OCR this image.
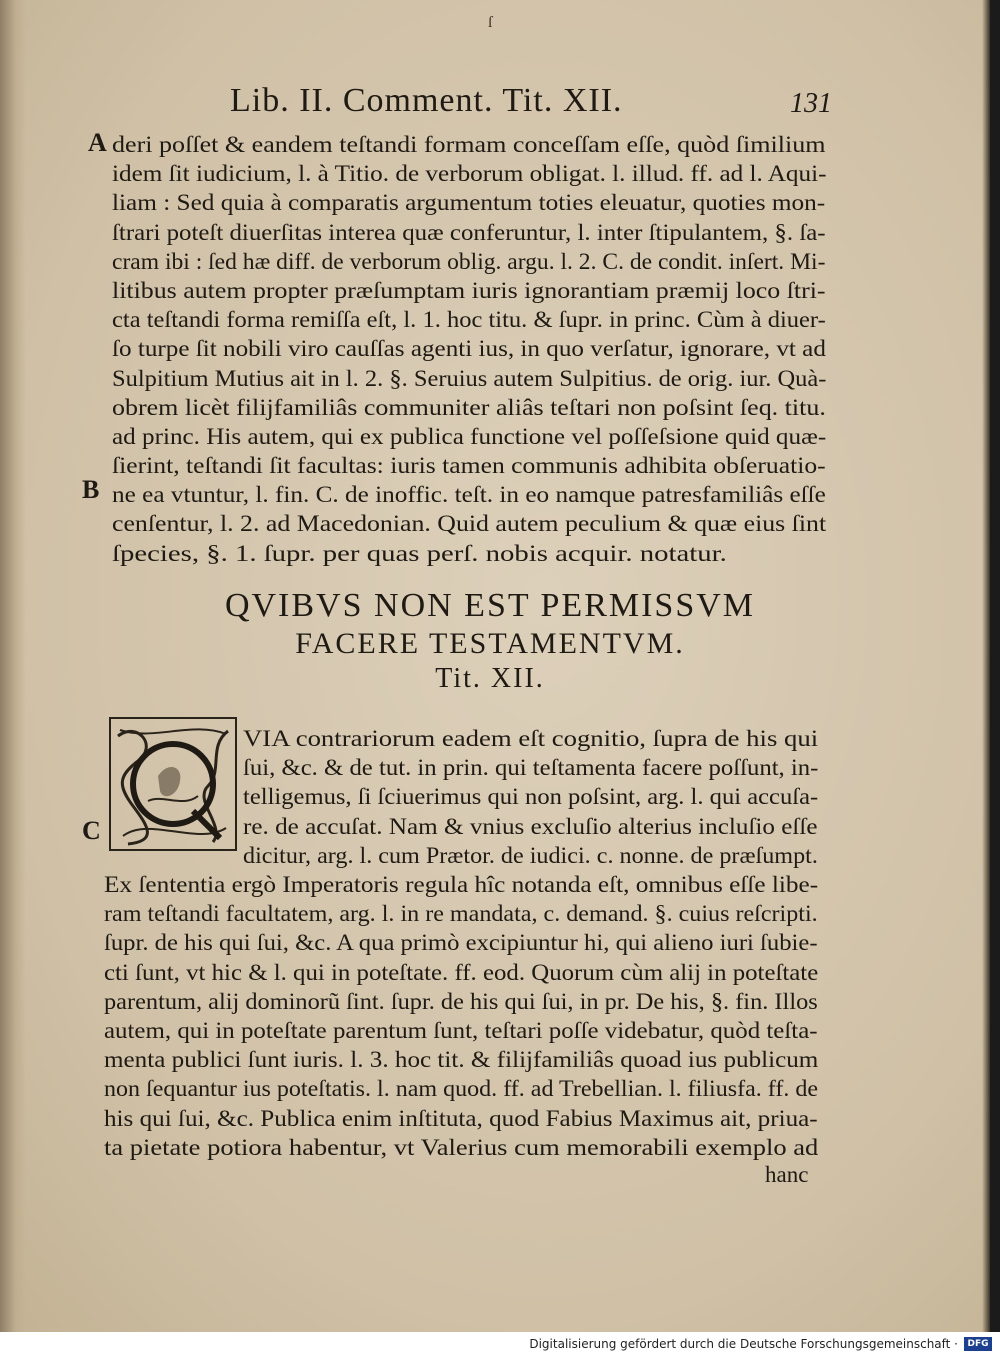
ſ
Lib. II. Comment. Tit. XII.	131
A
B
C
deri poſſet & eandem teſtandi formam conceſſam eſſe, quòd ſimilium
idem ſit iudicium, l. à Titio. de verborum obligat. l. illud. ff. ad l. Aqui-
liam : Sed quia à comparatis argumentum toties eleuatur, quoties mon-
ſtrari poteſt diuerſitas interea quæ conferuntur, l. inter ſtipulantem, §. ſa-
cram ibi : ſed hæ diff. de verborum oblig. argu. l. 2. C. de condit. inſert. Mi-
litibus autem propter præſumptam iuris ignorantiam præmij loco ſtri-
cta teſtandi forma remiſſa eſt, l. 1. hoc titu. & ſupr. in princ. Cùm à diuer-
ſo turpe ſit nobili viro cauſſas agenti ius, in quo verſatur, ignorare, vt ad
Sulpitium Mutius ait in l. 2. §. Seruius autem Sulpitius. de orig. iur. Quà-
obrem licèt filijfamiliâs communiter aliâs teſtari non poſsint ſeq. titu.
ad princ. His autem, qui ex publica functione vel poſſeſsione quid quæ-
ſierint, teſtandi ſit facultas: iuris tamen communis adhibita obſeruatio-
ne ea vtuntur, l. fin. C. de inoffic. teſt. in eo namque patresfamiliâs eſſe
cenſentur, l. 2. ad Macedonian. Quid autem peculium & quæ eius ſint
ſpecies, §. 1. ſupr. per quas perſ. nobis acquir. notatur.
QVIBVS NON EST PERMISSVM
FACERE TESTAMENTVM.
Tit. XII.
VIA contrariorum eadem eſt cognitio, ſupra de his qui
ſui, &c. & de tut. in prin. qui teſtamenta facere poſſunt, in-
telligemus, ſi ſciuerimus qui non poſsint, arg. l. qui accuſa-
re. de accuſat. Nam & vnius excluſio alterius incluſio eſſe
dicitur, arg. l. cum Prætor. de iudici. c. nonne. de præſumpt.
Ex ſententia ergò Imperatoris regula hîc notanda eſt, omnibus eſſe libe-
ram teſtandi facultatem, arg. l. in re mandata, c. demand. §. cuius reſcripti.
ſupr. de his qui ſui, &c. A qua primò excipiuntur hi, qui alieno iuri ſubie-
cti ſunt, vt hic & l. qui in poteſtate. ff. eod. Quorum cùm alij in poteſtate
parentum, alij dominorũ ſint. ſupr. de his qui ſui, in pr. De his, §. fin. Illos
autem, qui in poteſtate parentum ſunt, teſtari poſſe videbatur, quòd teſta-
menta publici ſunt iuris. l. 3. hoc tit. & filijfamiliâs quoad ius publicum
non ſequantur ius poteſtatis. l. nam quod. ff. ad Trebellian. l. filiusfa. ff. de
his qui ſui, &c. Publica enim inſtituta, quod Fabius Maximus ait, priua-
ta pietate potiora habentur, vt Valerius cum memorabili exemplo ad
hanc
Digitalisierung gefördert durch die Deutsche Forschungsgemeinschaft ·	DFG
